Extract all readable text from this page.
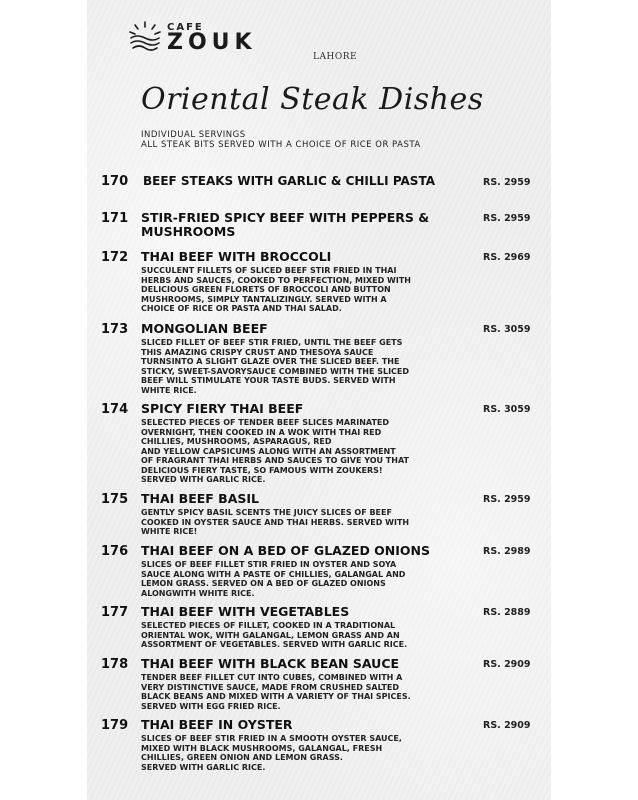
CAFE
ZOUK
LAHORE
Oriental Steak Dishes
INDIVIDUAL SERVINGS
ALL STEAK BITS SERVED WITH A CHOICE OF RICE OR PASTA
170 BEEF STEAKS WITH GARLIC & CHILLI PASTA	RS. 2959
171 STIR-FRIED SPICY BEEF WITH PEPPERS & MUSHROOMS
RS. 2959
172 THAI BEEF WITH BROCCOLI	RS. 2969
SUCCULENT FILLETS OF SLICED BEEF STIR FRIED IN THAI
HERBS AND SAUCES, COOKED TO PERFECTION, MIXED WITH
DELICIOUS GREEN FLORETS OF BROCCOLI AND BUTTON
MUSHROOMS, SIMPLY TANTALIZINGLY. SERVED WITH A
CHOICE OF RICE OR PASTA AND THAI SALAD.
173 MONGOLIAN BEEF	RS. 3059
SLICED FILLET OF BEEF STIR FRIED, UNTIL THE BEEF GETS
THIS AMAZING CRISPY CRUST AND THESOYA SAUCE
TURNSINTO A SLIGHT GLAZE OVER THE SLICED BEEF. THE
STICKY, SWEET-SAVORYSAUCE COMBINED WITH THE SLICED
BEEF WILL STIMULATE YOUR TASTE BUDS. SERVED WITH
WHITE RICE.
174 SPICY FIERY THAI BEEF	RS. 3059
SELECTED PIECES OF TENDER BEEF SLICES MARINATED
OVERNIGHT, THEN COOKED IN A WOK WITH THAI RED
CHILLIES, MUSHROOMS, ASPARAGUS, RED
AND YELLOW CAPSICUMS ALONG WITH AN ASSORTMENT
OF FRAGRANT THAI HERBS AND SAUCES TO GIVE YOU THAT
DELICIOUS FIERY TASTE, SO FAMOUS WITH ZOUKERS!
SERVED WITH GARLIC RICE.
175 THAI BEEF BASIL	RS. 2959
GENTLY SPICY BASIL SCENTS THE JUICY SLICES OF BEEF
COOKED IN OYSTER SAUCE AND THAI HERBS. SERVED WITH
WHITE RICE!
176 THAI BEEF ON A BED OF GLAZED ONIONS	RS. 2989
SLICES OF BEEF FILLET STIR FRIED IN OYSTER AND SOYA
SAUCE ALONG WITH A PASTE OF CHILLIES, GALANGAL AND
LEMON GRASS. SERVED ON A BED OF GLAZED ONIONS
ALONGWITH WHITE RICE.
177 THAI BEEF WITH VEGETABLES	RS. 2889
SELECTED PIECES OF FILLET, COOKED IN A TRADITIONAL
ORIENTAL WOK, WITH GALANGAL, LEMON GRASS AND AN
ASSORTMENT OF VEGETABLES. SERVED WITH GARLIC RICE.
178 THAI BEEF WITH BLACK BEAN SAUCE	RS. 2909
TENDER BEEF FILLET CUT INTO CUBES, COMBINED WITH A
VERY DISTINCTIVE SAUCE, MADE FROM CRUSHED SALTED
BLACK BEANS AND MIXED WITH A VARIETY OF THAI SPICES.
SERVED WITH EGG FRIED RICE.
179 THAI BEEF IN OYSTER	RS. 2909
SLICES OF BEEF STIR FRIED IN A SMOOTH OYSTER SAUCE,
MIXED WITH BLACK MUSHROOMS, GALANGAL, FRESH
CHILLIES, GREEN ONION AND LEMON GRASS.
SERVED WITH GARLIC RICE.
